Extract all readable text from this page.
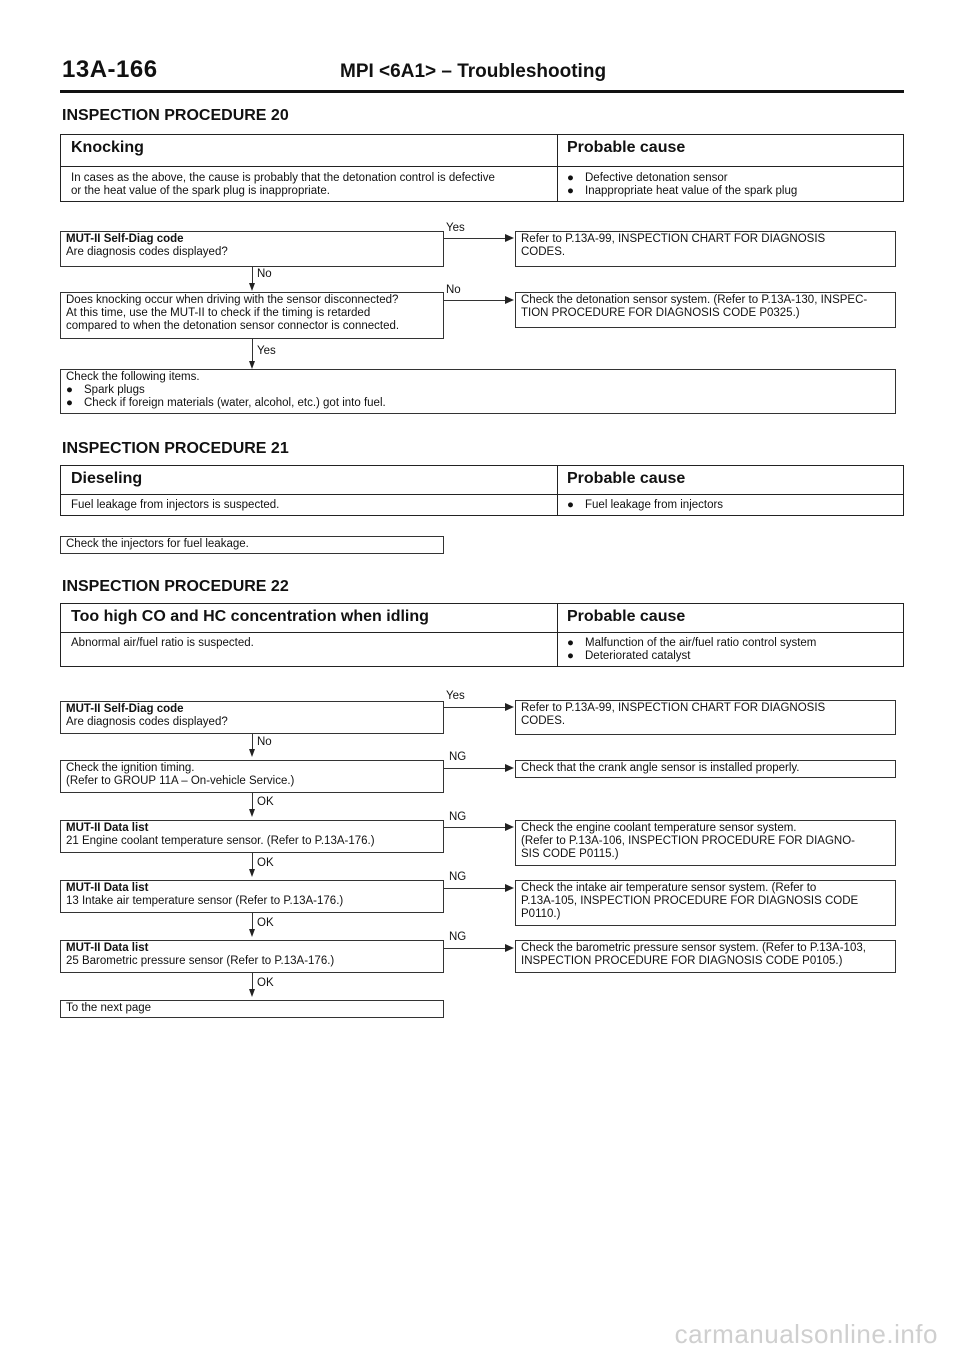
13A-166	MPI <6A1> – Troubleshooting
INSPECTION PROCEDURE 20
Knocking	Probable cause
In cases as the above, the cause is probably that the detonation control is defective
or the heat value of the spark plug is inappropriate.
● Defective detonation sensor
● Inappropriate heat value of the spark plug
MUT-II Self-Diag code
Are diagnosis codes displayed?
Yes
Refer to P.13A-99, INSPECTION CHART FOR DIAGNOSIS
CODES.
No
Does knocking occur when driving with the sensor disconnected?
At this time, use the MUT-II to check if the timing is retarded
compared to when the detonation sensor connector is connected.
No
Check the detonation sensor system. (Refer to P.13A-130, INSPEC-
TION PROCEDURE FOR DIAGNOSIS CODE P0325.)
Yes
Check the following items.
● Spark plugs
● Check if foreign materials (water, alcohol, etc.) got into fuel.
INSPECTION PROCEDURE 21
Dieseling	Probable cause
Fuel leakage from injectors is suspected.	● Fuel leakage from injectors
Check the injectors for fuel leakage.
INSPECTION PROCEDURE 22
Too high CO and HC concentration when idling	Probable cause
Abnormal air/fuel ratio is suspected.	● Malfunction of the air/fuel ratio control system
● Deteriorated catalyst
MUT-II Self-Diag code
Are diagnosis codes displayed?
Yes
Refer to P.13A-99, INSPECTION CHART FOR DIAGNOSIS
CODES.
No
Check the ignition timing.
(Refer to GROUP 11A – On-vehicle Service.)
NG
Check that the crank angle sensor is installed properly.
OK
MUT-II Data list
21 Engine coolant temperature sensor. (Refer to P.13A-176.)
NG
Check the engine coolant temperature sensor system.
(Refer to P.13A-106, INSPECTION PROCEDURE FOR DIAGNO-
SIS CODE P0115.)
OK
MUT-II Data list
13 Intake air temperature sensor (Refer to P.13A-176.)
NG
Check the intake air temperature sensor system. (Refer to
P.13A-105, INSPECTION PROCEDURE FOR DIAGNOSIS CODE
P0110.)
OK
MUT-II Data list
25 Barometric pressure sensor (Refer to P.13A-176.)
NG
Check the barometric pressure sensor system. (Refer to P.13A-103,
INSPECTION PROCEDURE FOR DIAGNOSIS CODE P0105.)
OK
To the next page
carmanualsonline.info
